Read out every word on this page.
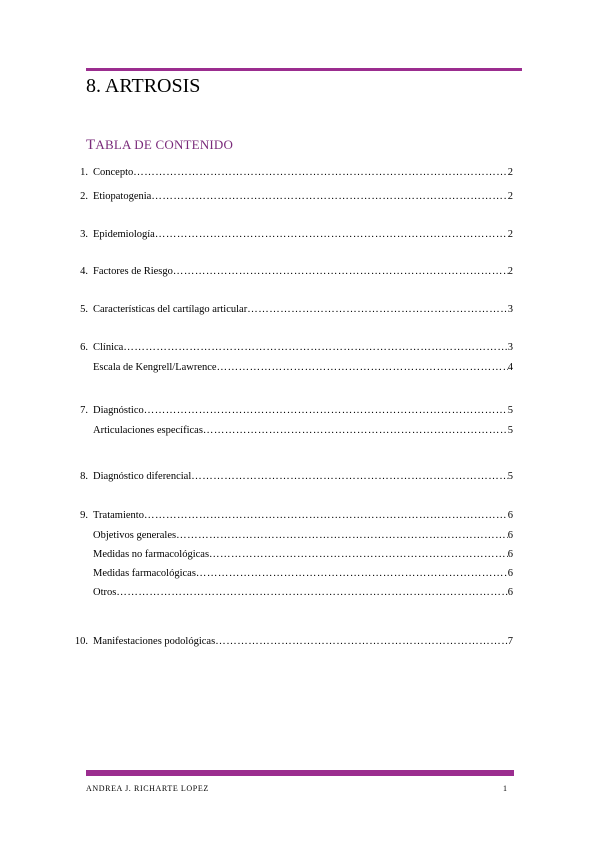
8. ARTROSIS
TABLA DE CONTENIDO
1. Concepto ………………………………………………………………………………………………………………………………………………………………………………	2
2. Etiopatogenia ………………………………………………………………………………………………………………………………………………………………………………	2
3. Epidemiología ………………………………………………………………………………………………………………………………………………………………………………	2
4. Factores de Riesgo ………………………………………………………………………………………………………………………………………………………………………………	2
5. Características del cartílago articular ………………………………………………………………………………………………………………………………………………………………………………	3
6. Clínica ………………………………………………………………………………………………………………………………………………………………………………	3
Escala de Kengrell/Lawrence ………………………………………………………………………………………………………………………………………………………………………………	4
7. Diagnóstico ………………………………………………………………………………………………………………………………………………………………………………	5
Articulaciones específicas ………………………………………………………………………………………………………………………………………………………………………………	5
8. Diagnóstico diferencial ………………………………………………………………………………………………………………………………………………………………………………	5
9. Tratamiento ………………………………………………………………………………………………………………………………………………………………………………	6
Objetivos generales ………………………………………………………………………………………………………………………………………………………………………………	6
Medidas no farmacológicas ………………………………………………………………………………………………………………………………………………………………………………	6
Medidas farmacológicas ………………………………………………………………………………………………………………………………………………………………………………	6
Otros ………………………………………………………………………………………………………………………………………………………………………………	6
10. Manifestaciones podológicas ………………………………………………………………………………………………………………………………………………………………………………	7
ANDREA J. RICHARTE LOPEZ	1
